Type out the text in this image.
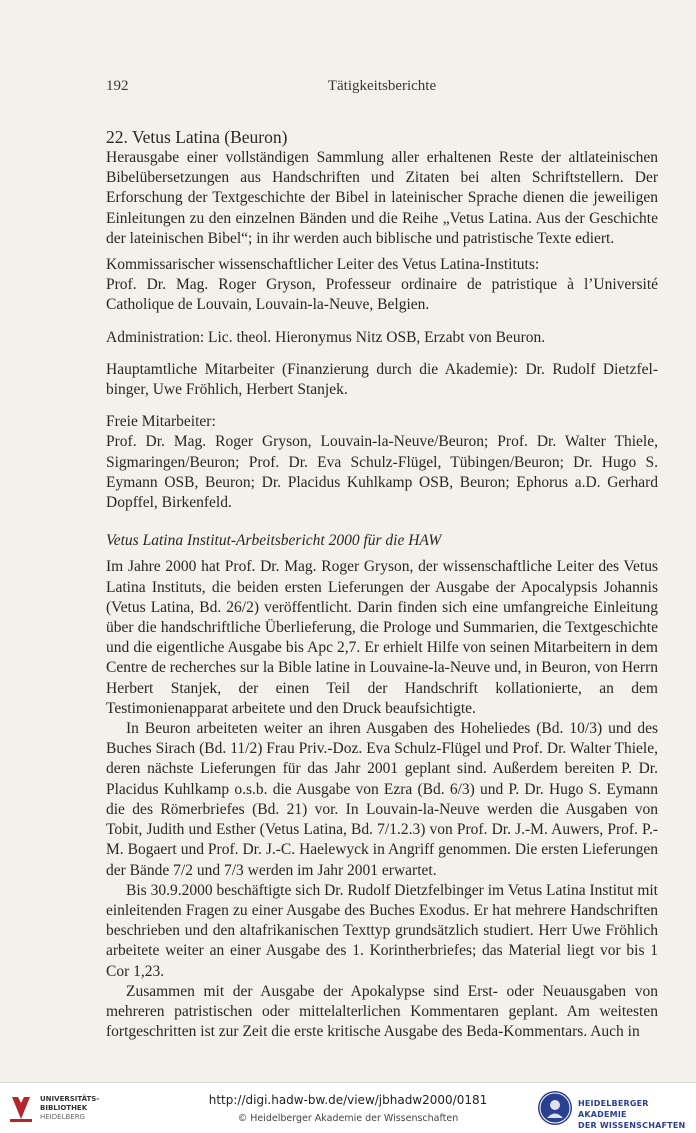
192	Tätigkeitsberichte

22. Vetus Latina (Beuron)

Herausgabe einer vollständigen Sammlung aller erhaltenen Reste der altlateinischen Bibelübersetzungen aus Handschriften und Zitaten bei alten Schriftstellern. Der Erforschung der Textgeschichte der Bibel in lateinischer Sprache dienen die jeweiligen Einleitungen zu den einzelnen Bänden und die Reihe „Vetus Latina. Aus der Geschichte der lateinischen Bibel“; in ihr werden auch biblische und patristische Texte ediert.

Kommissarischer wissenschaftlicher Leiter des Vetus Latina-Instituts:

Prof. Dr. Mag. Roger Gryson, Professeur ordinaire de patristique à l’Université Catholique de Louvain, Louvain-la-Neuve, Belgien.

Administration: Lic. theol. Hieronymus Nitz OSB, Erzabt von Beuron.

Hauptamtliche Mitarbeiter (Finanzierung durch die Akademie): Dr. Rudolf Dietzfelbinger, Uwe Fröhlich, Herbert Stanjek.

Freie Mitarbeiter:

Prof. Dr. Mag. Roger Gryson, Louvain-la-Neuve/Beuron; Prof. Dr. Walter Thiele, Sigmaringen/Beuron; Prof. Dr. Eva Schulz-Flügel, Tübingen/Beuron; Dr. Hugo S. Eymann OSB, Beuron; Dr. Placidus Kuhlkamp OSB, Beuron; Ephorus a.D. Gerhard Dopffel, Birkenfeld.

Vetus Latina Institut-Arbeitsbericht 2000 für die HAW

Im Jahre 2000 hat Prof. Dr. Mag. Roger Gryson, der wissenschaftliche Leiter des Vetus Latina Instituts, die beiden ersten Lieferungen der Ausgabe der Apocalypsis Johannis (Vetus Latina, Bd. 26/2) veröffentlicht. Darin finden sich eine umfangreiche Einleitung über die handschriftliche Überlieferung, die Prologe und Summarien, die Textgeschichte und die eigentliche Ausgabe bis Apc 2,7. Er erhielt Hilfe von seinen Mitarbeitern in dem Centre de recherches sur la Bible latine in Louvaine-la-Neuve und, in Beuron, von Herrn Herbert Stanjek, der einen Teil der Handschrift kollationierte, an dem Testimonienapparat arbeitete und den Druck beaufsichtigte.

In Beuron arbeiteten weiter an ihren Ausgaben des Hoheliedes (Bd. 10/3) und des Buches Sirach (Bd. 11/2) Frau Priv.-Doz. Eva Schulz-Flügel und Prof. Dr. Walter Thiele, deren nächste Lieferungen für das Jahr 2001 geplant sind. Außerdem bereiten P. Dr. Placidus Kuhlkamp o.s.b. die Ausgabe von Ezra (Bd. 6/3) und P. Dr. Hugo S. Eymann die des Römerbriefes (Bd. 21) vor. In Louvain-la-Neuve werden die Ausgaben von Tobit, Judith und Esther (Vetus Latina, Bd. 7/1.2.3) von Prof. Dr. J.-M. Auwers, Prof. P.-M. Bogaert und Prof. Dr. J.-C. Haelewyck in Angriff genommen. Die ersten Lieferungen der Bände 7/2 und 7/3 werden im Jahr 2001 erwartet.

Bis 30.9.2000 beschäftigte sich Dr. Rudolf Dietzfelbinger im Vetus Latina Institut mit einleitenden Fragen zu einer Ausgabe des Buches Exodus. Er hat mehrere Handschriften beschrieben und den altafrikanischen Texttyp grundsätzlich studiert. Herr Uwe Fröhlich arbeitete weiter an einer Ausgabe des 1. Korintherbriefes; das Material liegt vor bis 1 Cor 1,23.

Zusammen mit der Ausgabe der Apokalypse sind Erst- oder Neuausgaben von mehreren patristischen oder mittelalterlichen Kommentaren geplant. Am weitesten fortgeschritten ist zur Zeit die erste kritische Ausgabe des Beda-Kommentars. Auch in

UNIVERSITÄTS-
BIBLIOTHEK
HEIDELBERG
http://digi.hadw-bw.de/view/jbhadw2000/0181
© Heidelberger Akademie der Wissenschaften
HEIDELBERGER AKADEMIE
DER WISSENSCHAFTEN
